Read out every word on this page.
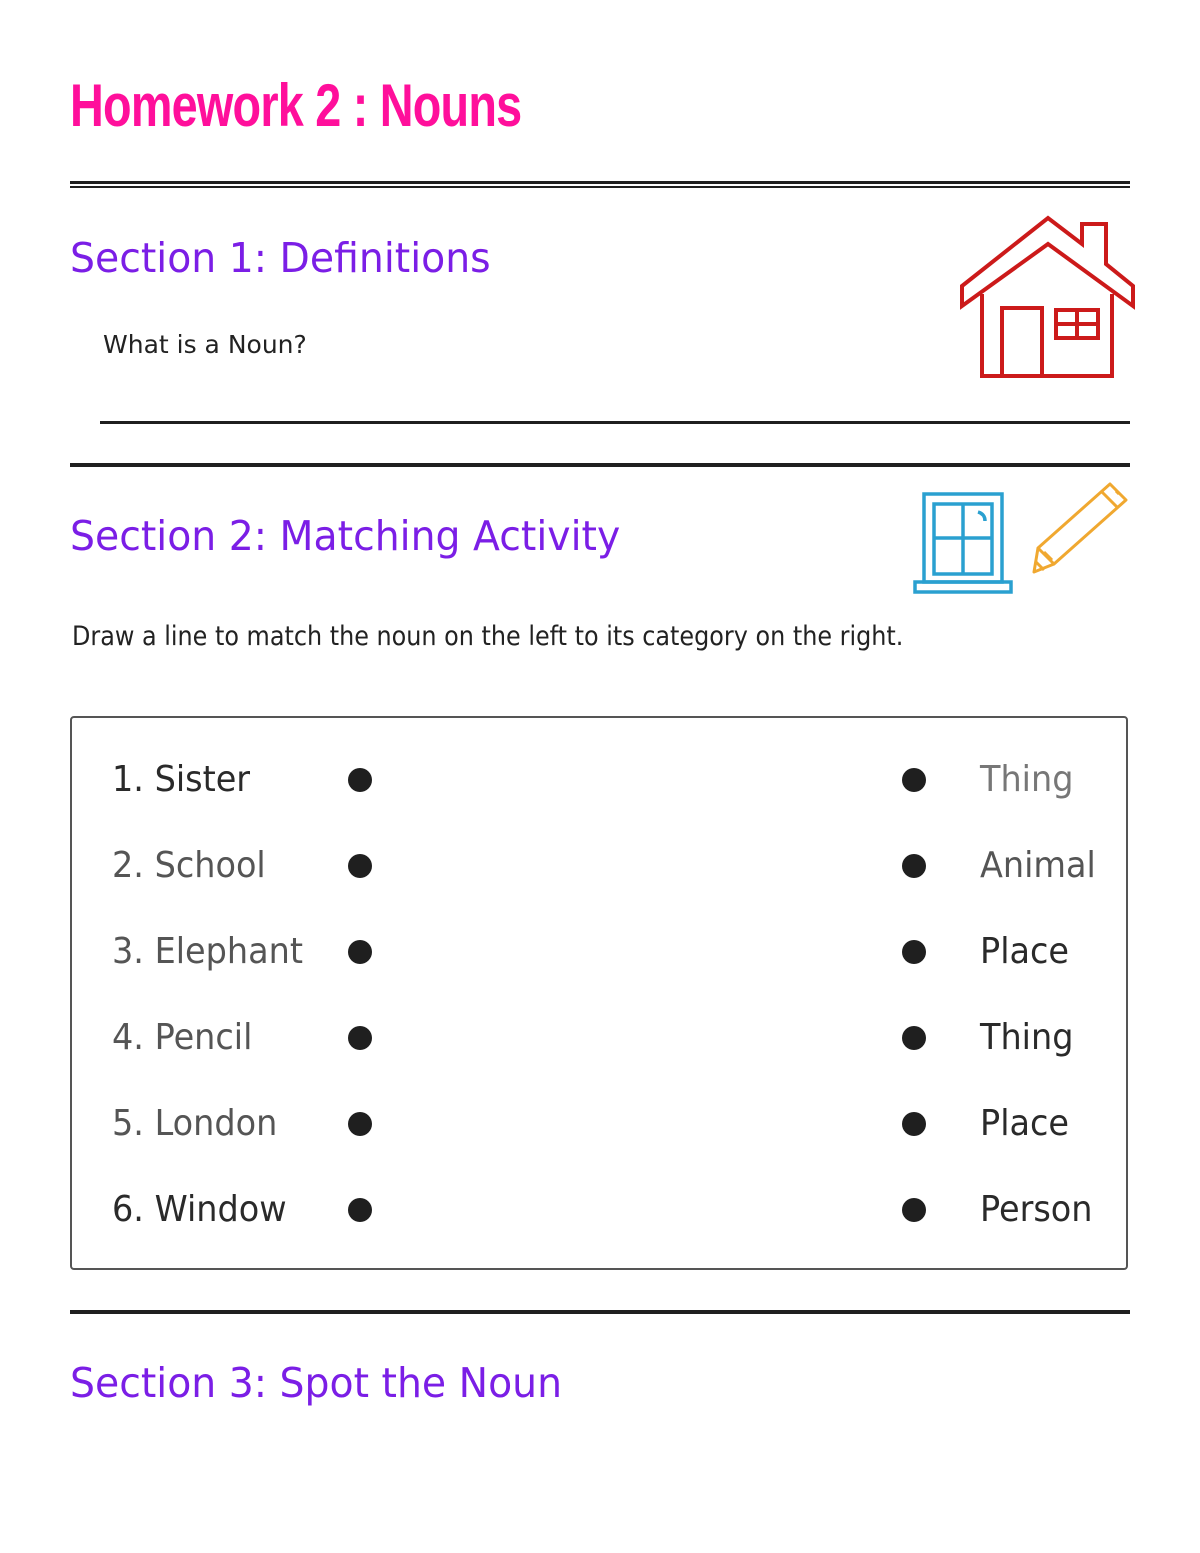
Homework 2 : Nouns
Section 1: Definitions
What is a Noun?
Section 2: Matching Activity
Draw a line to match the noun on the left to its category on the right.
1. Sister	Thing
2. School	Animal
3. Elephant	Place
4. Pencil	Thing
5. London	Place
6. Window	Person
Section 3: Spot the Noun
